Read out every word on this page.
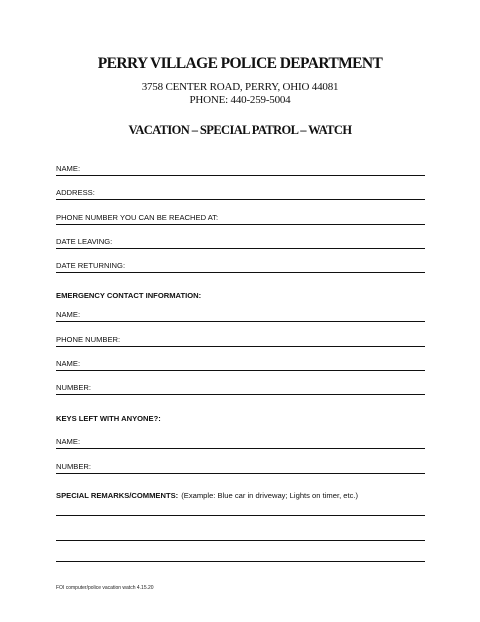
PERRY VILLAGE POLICE DEPARTMENT
3758 CENTER ROAD, PERRY, OHIO 44081
PHONE: 440-259-5004
VACATION – SPECIAL PATROL – WATCH
NAME:
ADDRESS:
PHONE NUMBER YOU CAN BE REACHED AT:
DATE LEAVING:
DATE RETURNING:
EMERGENCY CONTACT INFORMATION:
NAME:
PHONE NUMBER:
NAME:
NUMBER:
KEYS LEFT WITH ANYONE?:
NAME:
NUMBER:
SPECIAL REMARKS/COMMENTS: (Example: Blue car in driveway; Lights on timer, etc.)
FOI computer/police vacation watch 4.15.20
